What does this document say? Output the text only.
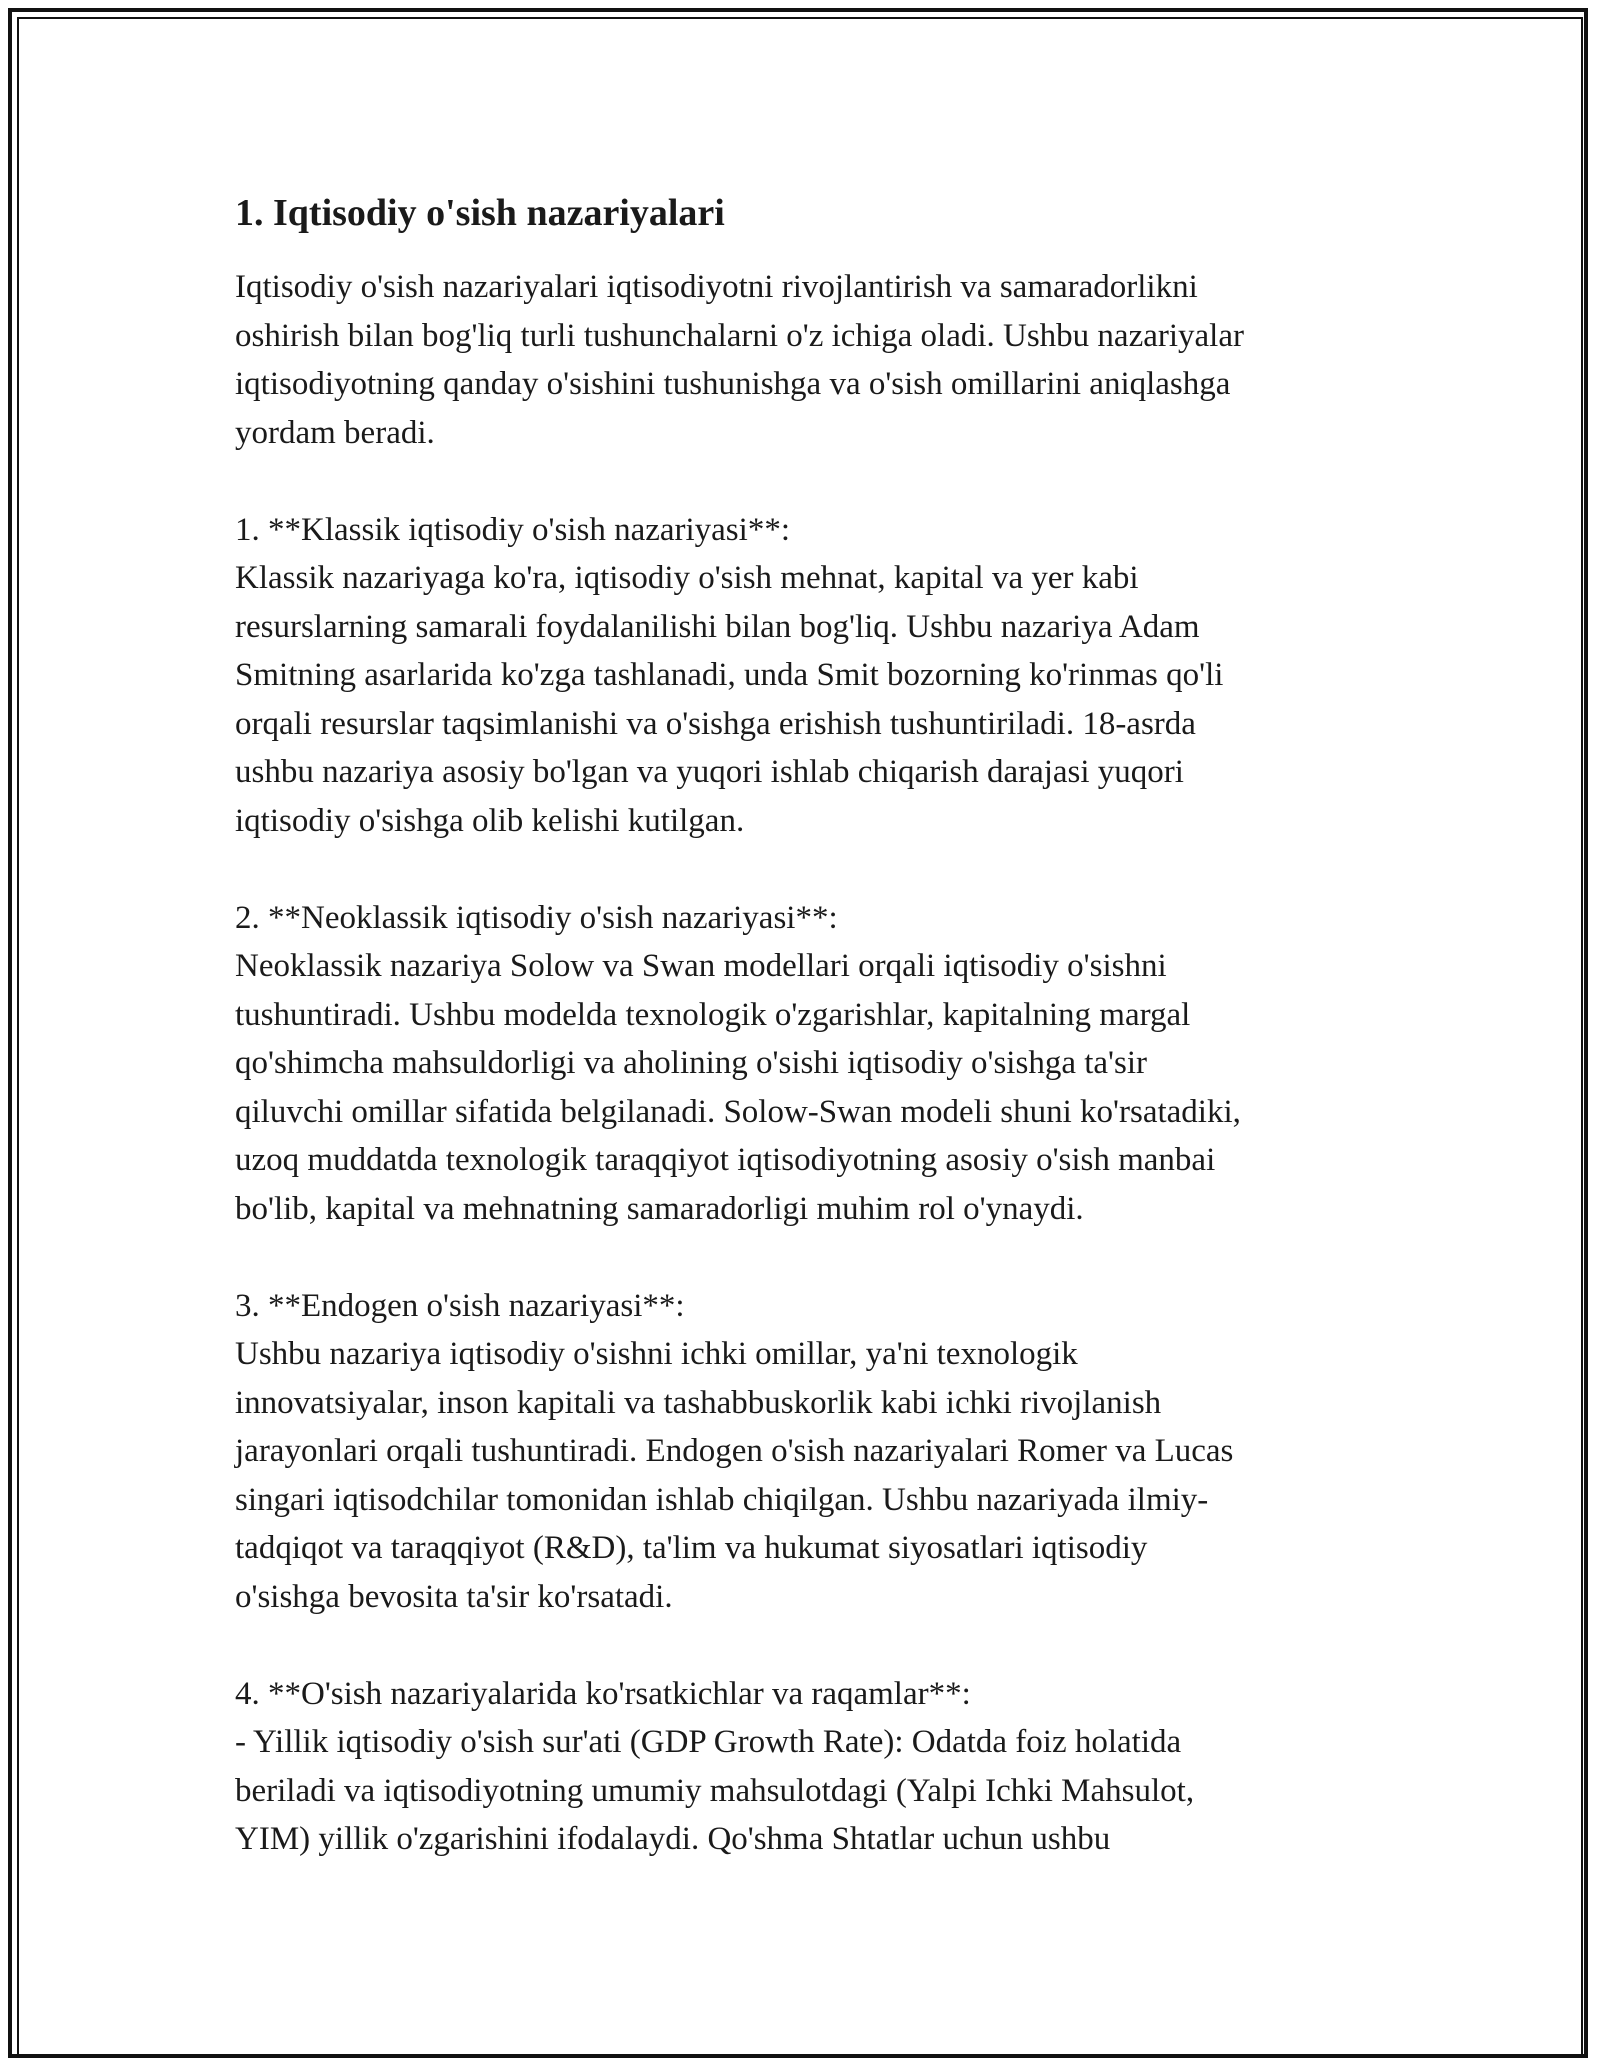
1. Iqtisodiy o'sish nazariyalari

Iqtisodiy o'sish nazariyalari iqtisodiyotni rivojlantirish va samaradorlikni
oshirish bilan bog'liq turli tushunchalarni o'z ichiga oladi. Ushbu nazariyalar
iqtisodiyotning qanday o'sishini tushunishga va o'sish omillarini aniqlashga
yordam beradi.

1. **Klassik iqtisodiy o'sish nazariyasi**:

Klassik nazariyaga ko'ra, iqtisodiy o'sish mehnat, kapital va yer kabi
resurslarning samarali foydalanilishi bilan bog'liq. Ushbu nazariya Adam
Smitning asarlarida ko'zga tashlanadi, unda Smit bozorning ko'rinmas qo'li
orqali resurslar taqsimlanishi va o'sishga erishish tushuntiriladi. 18-asrda
ushbu nazariya asosiy bo'lgan va yuqori ishlab chiqarish darajasi yuqori
iqtisodiy o'sishga olib kelishi kutilgan.

2. **Neoklassik iqtisodiy o'sish nazariyasi**:

Neoklassik nazariya Solow va Swan modellari orqali iqtisodiy o'sishni
tushuntiradi. Ushbu modelda texnologik o'zgarishlar, kapitalning margal
qo'shimcha mahsuldorligi va aholining o'sishi iqtisodiy o'sishga ta'sir
qiluvchi omillar sifatida belgilanadi. Solow-Swan modeli shuni ko'rsatadiki,
uzoq muddatda texnologik taraqqiyot iqtisodiyotning asosiy o'sish manbai
bo'lib, kapital va mehnatning samaradorligi muhim rol o'ynaydi.

3. **Endogen o'sish nazariyasi**:

Ushbu nazariya iqtisodiy o'sishni ichki omillar, ya'ni texnologik
innovatsiyalar, inson kapitali va tashabbuskorlik kabi ichki rivojlanish
jarayonlari orqali tushuntiradi. Endogen o'sish nazariyalari Romer va Lucas
singari iqtisodchilar tomonidan ishlab chiqilgan. Ushbu nazariyada ilmiy-
tadqiqot va taraqqiyot (R&D), ta'lim va hukumat siyosatlari iqtisodiy
o'sishga bevosita ta'sir ko'rsatadi.

4. **O'sish nazariyalarida ko'rsatkichlar va raqamlar**:

- Yillik iqtisodiy o'sish sur'ati (GDP Growth Rate): Odatda foiz holatida
beriladi va iqtisodiyotning umumiy mahsulotdagi (Yalpi Ichki Mahsulot,
YIM) yillik o'zgarishini ifodalaydi. Qo'shma Shtatlar uchun ushbu
